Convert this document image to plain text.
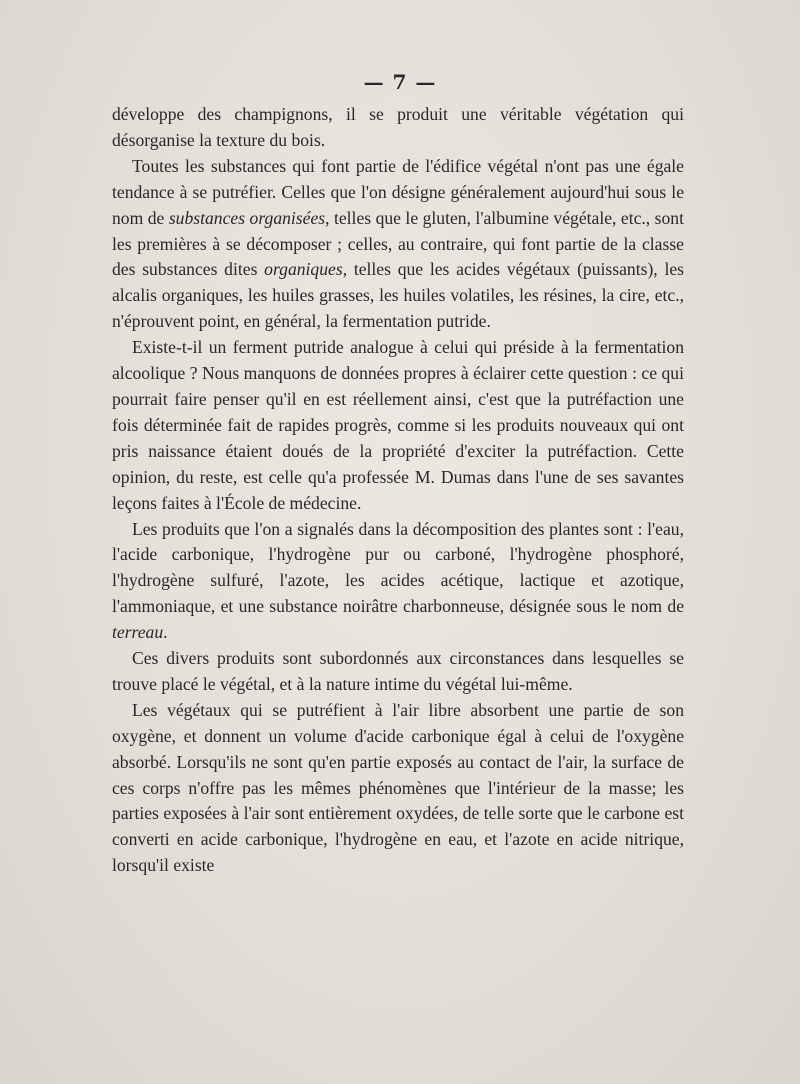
— 7 —

développe des champignons, il se produit une véritable végétation qui désorganise la texture du bois.

Toutes les substances qui font partie de l'édifice végétal n'ont pas une égale tendance à se putréfier. Celles que l'on désigne généralement aujourd'hui sous le nom de substances organisées, telles que le gluten, l'albumine végétale, etc., sont les premières à se décomposer ; celles, au contraire, qui font partie de la classe des substances dites organiques, telles que les acides végétaux (puissants), les alcalis organiques, les huiles grasses, les huiles volatiles, les résines, la cire, etc., n'éprouvent point, en général, la fermentation putride.

Existe-t-il un ferment putride analogue à celui qui préside à la fermentation alcoolique ? Nous manquons de données propres à éclairer cette question : ce qui pourrait faire penser qu'il en est réellement ainsi, c'est que la putréfaction une fois déterminée fait de rapides progrès, comme si les produits nouveaux qui ont pris naissance étaient doués de la propriété d'exciter la putréfaction. Cette opinion, du reste, est celle qu'a professée M. Dumas dans l'une de ses savantes leçons faites à l'École de médecine.

Les produits que l'on a signalés dans la décomposition des plantes sont : l'eau, l'acide carbonique, l'hydrogène pur ou carboné, l'hydrogène phosphoré, l'hydrogène sulfuré, l'azote, les acides acétique, lactique et azotique, l'ammoniaque, et une substance noirâtre charbonneuse, désignée sous le nom de terreau.

Ces divers produits sont subordonnés aux circonstances dans lesquelles se trouve placé le végétal, et à la nature intime du végétal lui-même.

Les végétaux qui se putréfient à l'air libre absorbent une partie de son oxygène, et donnent un volume d'acide carbonique égal à celui de l'oxygène absorbé. Lorsqu'ils ne sont qu'en partie exposés au contact de l'air, la surface de ces corps n'offre pas les mêmes phénomènes que l'intérieur de la masse; les parties exposées à l'air sont entièrement oxydées, de telle sorte que le carbone est converti en acide carbonique, l'hydrogène en eau, et l'azote en acide nitrique, lorsqu'il existe
